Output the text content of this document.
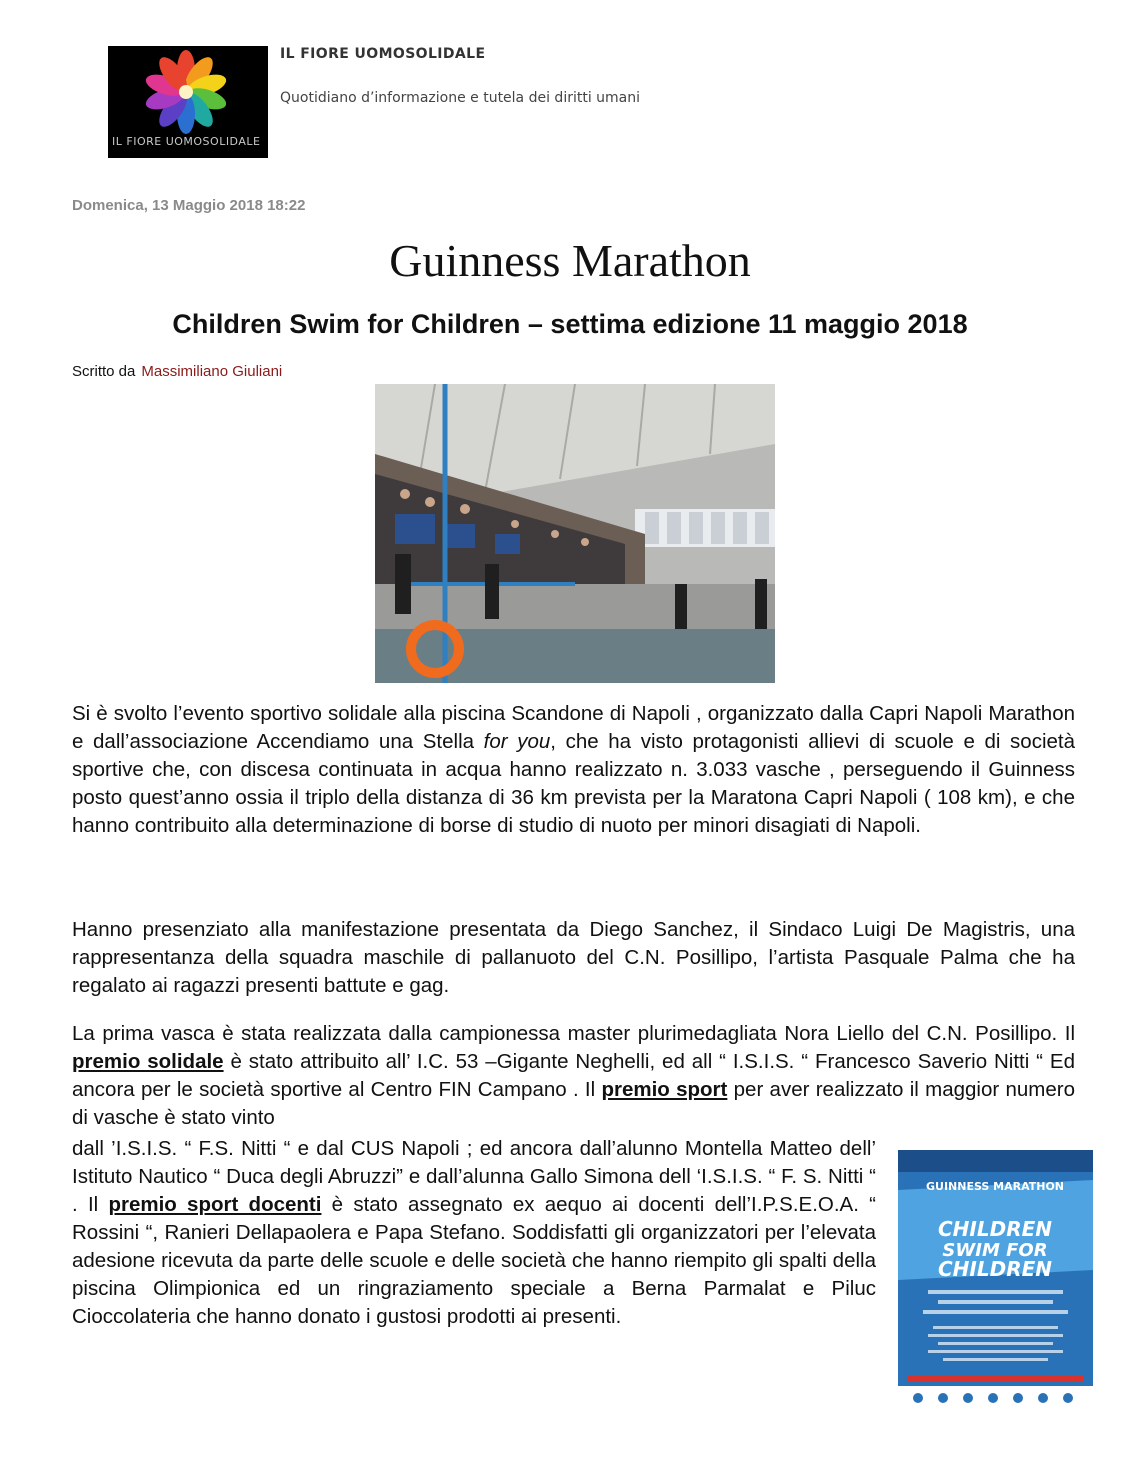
IL FIORE UOMOSOLIDALE
IL FIORE UOMOSOLIDALE
Quotidiano d’informazione e tutela dei diritti umani
Domenica, 13 Maggio 2018 18:22
Guinness Marathon
Children Swim for Children – settima edizione 11 maggio 2018
Scritto da Massimiliano Giuliani
Si è svolto l’evento sportivo solidale alla piscina Scandone di Napoli , organizzato dalla Capri Napoli Marathon e dall’associazione Accendiamo una Stella for you, che ha visto protagonisti allievi di scuole e di società sportive che, con discesa continuata in acqua hanno realizzato n. 3.033 vasche , perseguendo il Guinness posto quest’anno ossia il triplo della distanza di 36 km prevista per la Maratona Capri Napoli ( 108 km), e che hanno contribuito alla determinazione di borse di studio di nuoto per minori disagiati di Napoli.
Hanno presenziato alla manifestazione presentata da Diego Sanchez, il Sindaco Luigi De Magistris, una rappresentanza della squadra maschile di pallanuoto del C.N. Posillipo, l’artista Pasquale Palma che ha regalato ai ragazzi presenti battute e gag.
La prima vasca è stata realizzata dalla campionessa master plurimedagliata Nora Liello del C.N. Posillipo. Il premio solidale è stato attribuito all’ I.C. 53 –Gigante Neghelli, ed all “ I.S.I.S. “ Francesco Saverio Nitti “ Ed ancora per le società sportive al Centro FIN Campano . Il premio sport per aver realizzato il maggior numero di vasche è stato vinto
dall ’I.S.I.S. “ F.S. Nitti “ e dal CUS Napoli ; ed ancora dall’alunno Montella Matteo dell’ Istituto Nautico “ Duca degli Abruzzi” e dall’alunna Gallo Simona dell ‘I.S.I.S. “ F. S. Nitti “ . Il premio sport docenti è stato assegnato ex aequo ai docenti dell’I.P.S.E.O.A. “ Rossini “, Ranieri Dellapaolera e Papa Stefano. Soddisfatti gli organizzatori per l’elevata adesione ricevuta da parte delle scuole e delle società che hanno riempito gli spalti della piscina Olimpionica ed un ringraziamento speciale a Berna Parmalat e Piluc Cioccolateria che hanno donato i gustosi prodotti ai presenti.
GUINNESS MARATHON
CHILDREN
SWIM FOR
CHILDREN
